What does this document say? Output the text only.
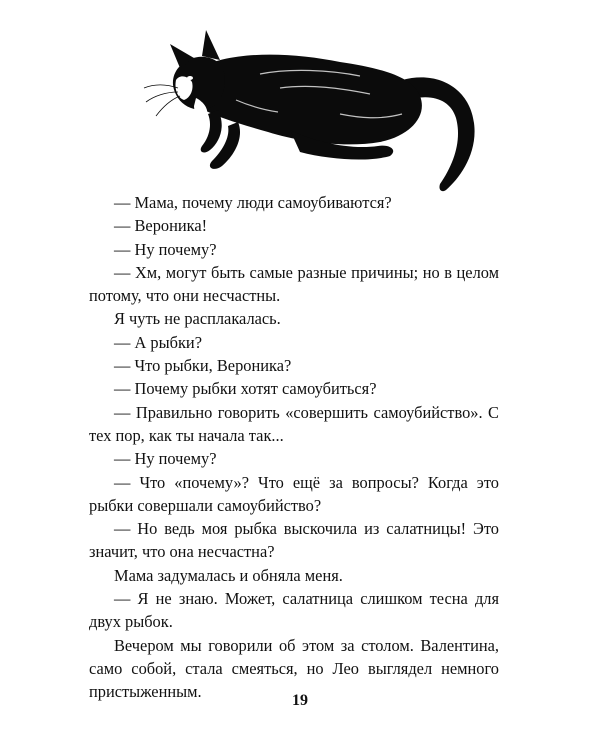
— Мама, почему люди самоубиваются?

— Вероника!

— Ну почему?

— Хм, могут быть самые разные причины; но в целом потому, что они несчастны.

Я чуть не расплакалась.

— А рыбки?

— Что рыбки, Вероника?

— Почему рыбки хотят самоубиться?

— Правильно говорить «совершить самоубийство». С тех пор, как ты начала так...

— Ну почему?

— Что «почему»? Что ещё за вопросы? Когда это рыбки совершали самоубийство?

— Но ведь моя рыбка выскочила из салатницы! Это значит, что она несчастна?

Мама задумалась и обняла меня.

— Я не знаю. Может, салатница слишком тесна для двух рыбок.

Вечером мы говорили об этом за столом. Валентина, само собой, стала смеяться, но Лео выглядел немного пристыженным.	19
